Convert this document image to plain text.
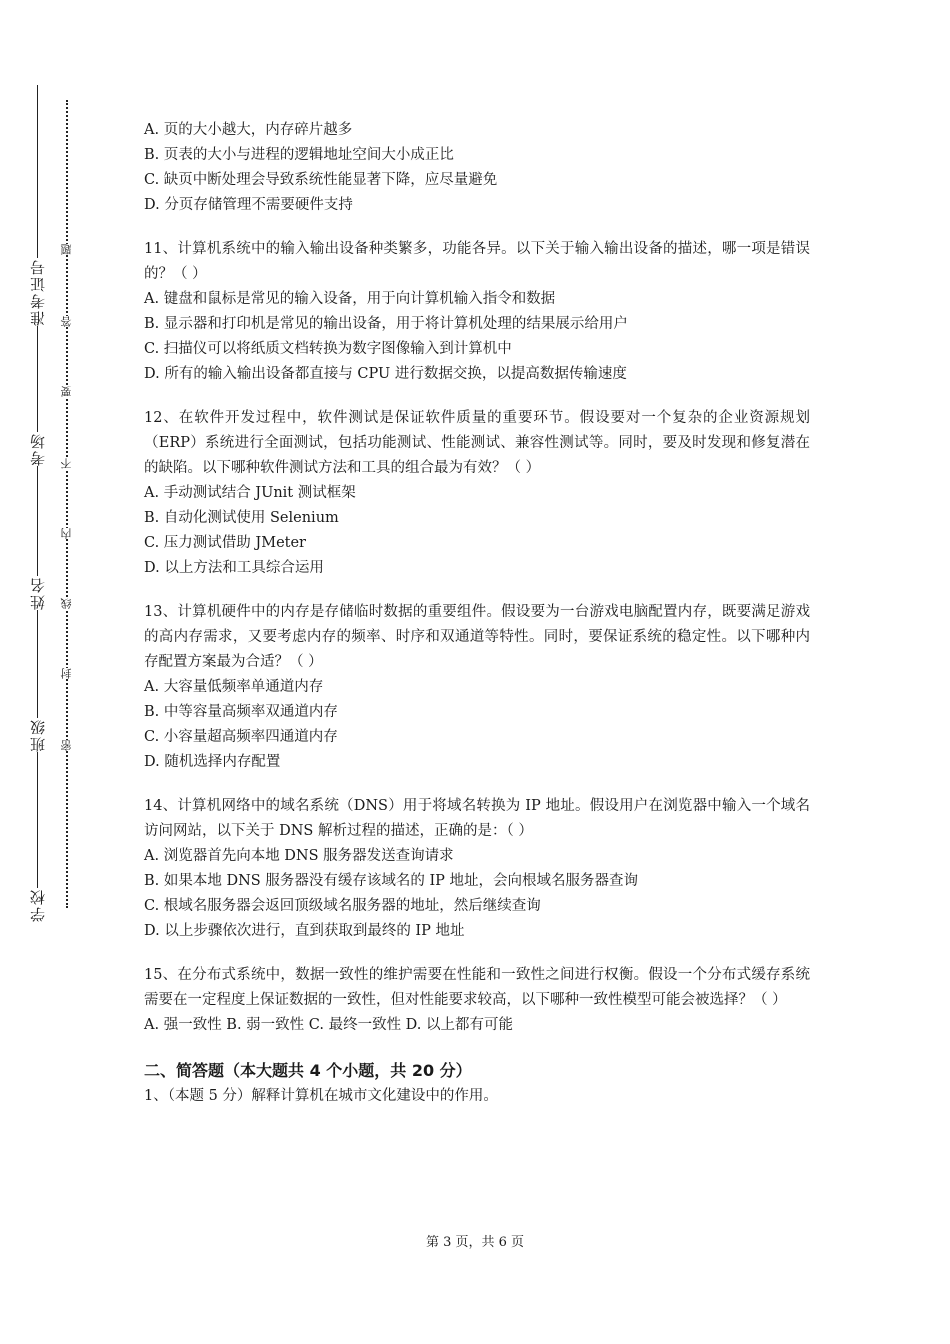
学校
班级
姓名
考场
准考证号
密
封
线
内
不
要
答
题
A. 页的大小越大，内存碎片越多
B. 页表的大小与进程的逻辑地址空间大小成正比
C. 缺页中断处理会导致系统性能显著下降，应尽量避免
D. 分页存储管理不需要硬件支持
11、计算机系统中的输入输出设备种类繁多，功能各异。以下关于输入输出设备的描述，哪一项是错误的？（ ）
A. 键盘和鼠标是常见的输入设备，用于向计算机输入指令和数据
B. 显示器和打印机是常见的输出设备，用于将计算机处理的结果展示给用户
C. 扫描仪可以将纸质文档转换为数字图像输入到计算机中
D. 所有的输入输出设备都直接与 CPU 进行数据交换，以提高数据传输速度
12、在软件开发过程中，软件测试是保证软件质量的重要环节。假设要对一个复杂的企业资源规划（ERP）系统进行全面测试，包括功能测试、性能测试、兼容性测试等。同时，要及时发现和修复潜在的缺陷。以下哪种软件测试方法和工具的组合最为有效？（ ）
A. 手动测试结合 JUnit 测试框架
B. 自动化测试使用 Selenium
C. 压力测试借助 JMeter
D. 以上方法和工具综合运用
13、计算机硬件中的内存是存储临时数据的重要组件。假设要为一台游戏电脑配置内存，既要满足游戏的高内存需求，又要考虑内存的频率、时序和双通道等特性。同时，要保证系统的稳定性。以下哪种内存配置方案最为合适？（ ）
A. 大容量低频率单通道内存
B. 中等容量高频率双通道内存
C. 小容量超高频率四通道内存
D. 随机选择内存配置
14、计算机网络中的域名系统（DNS）用于将域名转换为 IP 地址。假设用户在浏览器中输入一个域名访问网站，以下关于 DNS 解析过程的描述，正确的是：（ ）
A. 浏览器首先向本地 DNS 服务器发送查询请求
B. 如果本地 DNS 服务器没有缓存该域名的 IP 地址，会向根域名服务器查询
C. 根域名服务器会返回顶级域名服务器的地址，然后继续查询
D. 以上步骤依次进行，直到获取到最终的 IP 地址
15、在分布式系统中，数据一致性的维护需要在性能和一致性之间进行权衡。假设一个分布式缓存系统需要在一定程度上保证数据的一致性，但对性能要求较高，以下哪种一致性模型可能会被选择？（ ）
A. 强一致性 B. 弱一致性 C. 最终一致性 D. 以上都有可能
二、简答题（本大题共 4 个小题，共 20 分）
1、（本题 5 分）解释计算机在城市文化建设中的作用。
第 3 页，共 6 页
